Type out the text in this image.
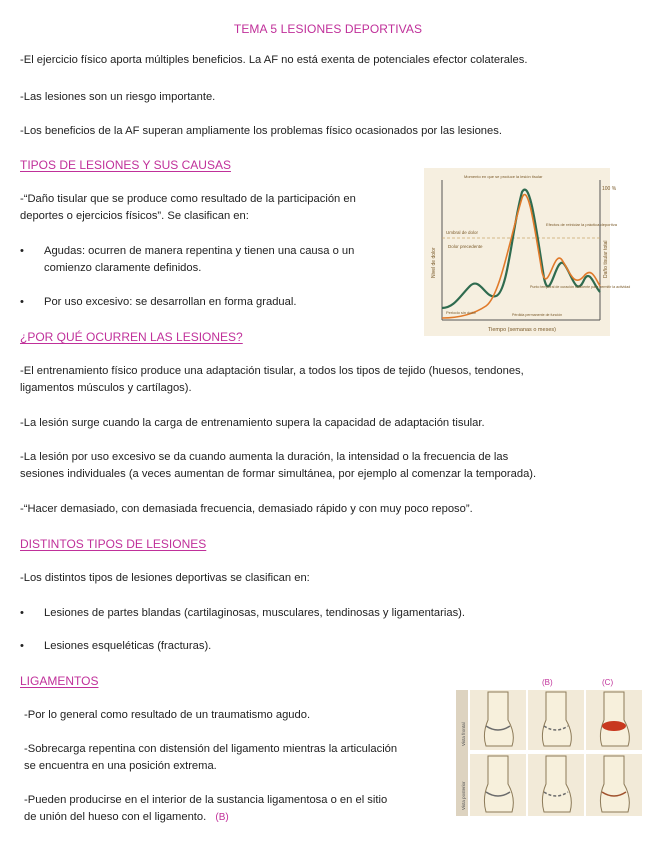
TEMA 5 LESIONES DEPORTIVAS
-El ejercicio físico aporta múltiples beneficios. La AF no está exenta de potenciales efector colaterales.
-Las lesiones son un riesgo importante.
-Los beneficios de la AF superan ampliamente los problemas físico ocasionados por las lesiones.
TIPOS DE LESIONES Y SUS CAUSAS
-“Daño tisular que se produce como resultado de la participación en
deportes o ejercicios físicos”. Se clasifican en:
• Agudas: ocurren de manera repentina y tienen una causa o un
comienzo claramente definidos.
• Por uso excesivo: se desarrollan en forma gradual.
Momento en que se produce la lesión tisular
Umbral de dolor
Dolor precedente
Efectos de reiniciar la práctica deportiva
Punto temporal de curación suficiente para permitir la actividad
Periodo sin dolor	Pérdida permanente de función
100 %
Tiempo (semanas o meses)
Nivel de dolor	Daño tisular total
¿POR QUÉ OCURREN LAS LESIONES?
-El entrenamiento físico produce una adaptación tisular, a todos los tipos de tejido (huesos, tendones,
ligamentos músculos y cartílagos).
-La lesión surge cuando la carga de entrenamiento supera la capacidad de adaptación tisular.
-La lesión por uso excesivo se da cuando aumenta la duración, la intensidad o la frecuencia de las
sesiones individuales (a veces aumentan de formar simultánea, por ejemplo al comenzar la temporada).
-“Hacer demasiado, con demasiada frecuencia, demasiado rápido y con muy poco reposo”.
DISTINTOS TIPOS DE LESIONES
-Los distintos tipos de lesiones deportivas se clasifican en:
• Lesiones de partes blandas (cartilaginosas, musculares, tendinosas y ligamentarias).
• Lesiones esqueléticas (fracturas).
LIGAMENTOS
-Por lo general como resultado de un traumatismo agudo.
-Sobrecarga repentina con distensión del ligamento mientras la articulación
se encuentra en una posición extrema.
-Pueden producirse en el interior de la sustancia ligamentosa o en el sitio
de unión del hueso con el ligamento. (B)
(B)	(C)
Vista frontal
Vista posterior
